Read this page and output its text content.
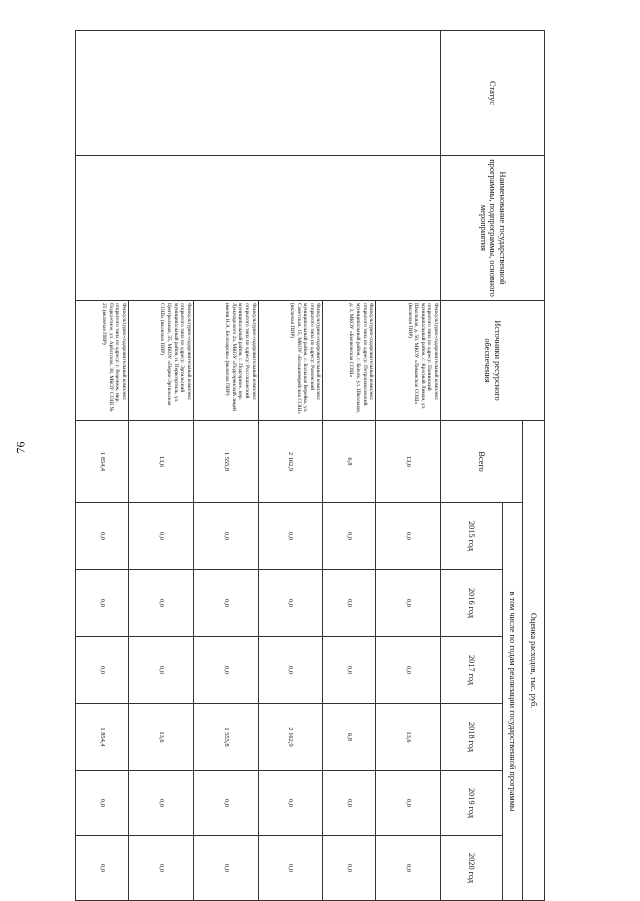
76
Статус	Наименование государственной программы, подпрограммы, основного мероприятия	Источники ресурсного обеспечения	Оценка расходов, тыс. руб.						
			Всего	в том числе по годам реализации государственной программы					
				2015 год	2016 год	2017 год	2018 год	2019 год	2020 год
		Физкультурно-оздоровительный комплекс открытого типа по адресу: Панинский муниципальный район, с. Красный Лиман, ул. Школьная, д. 50, МКОУ «Лиманская СОШ» (включая ПИР)	13,6	0,0	0,0	0,0	13,6	0,0	0,0
		Физкультурно-оздоровительный комплекс открытого типа по адресу: Петропавловский муниципальный район, с. Бычок, ул. Школьная, д. 3, МКОУ «Бычковская СОШ»	6,8	0,0	0,0	0,0	6,8	0,0	0,0
		Физкультурно-оздоровительный комплекс открытого типа по адресу: Рамонский муниципальный район, с. Большая Верейка, ул. Советская, 15, МКОУ «Большеверейская СОШ» (включая ПИР)	2 162,9	0,0	0,0	0,0	2 162,9	0,0	0,0
		Физкультурно-оздоровительный комплекс открытого типа по адресу: Россошанский муниципальный район, с. Подгорное, пер. Луначарского 2а, МКОУ «Подгоренский лицей имени Н.А. Белозорова» (включая ПИР)	1 555,8	0,0	0,0	0,0	1 555,8	0,0	0,0
		Физкультурно-оздоровительный комплекс открытого типа по адресу: Эртильский муниципальный район, п. Первоэртиль, ул. Центральная, 35, МКОУ «Перво-Эртильская СОШ» (включая ПИР)	13,6	0,0	0,0	0,0	13,6	0,0	0,0
		Физкультурно-оздоровительный комплекс открытого типа по адресу: г. Воронеж, мкр. Подклетное, ул. Арбатская, 38, МБОУ СОШ № 25 (включая ПИР)	1 854,4	0,0	0,0	0,0	1 854,4	0,0	0,0
